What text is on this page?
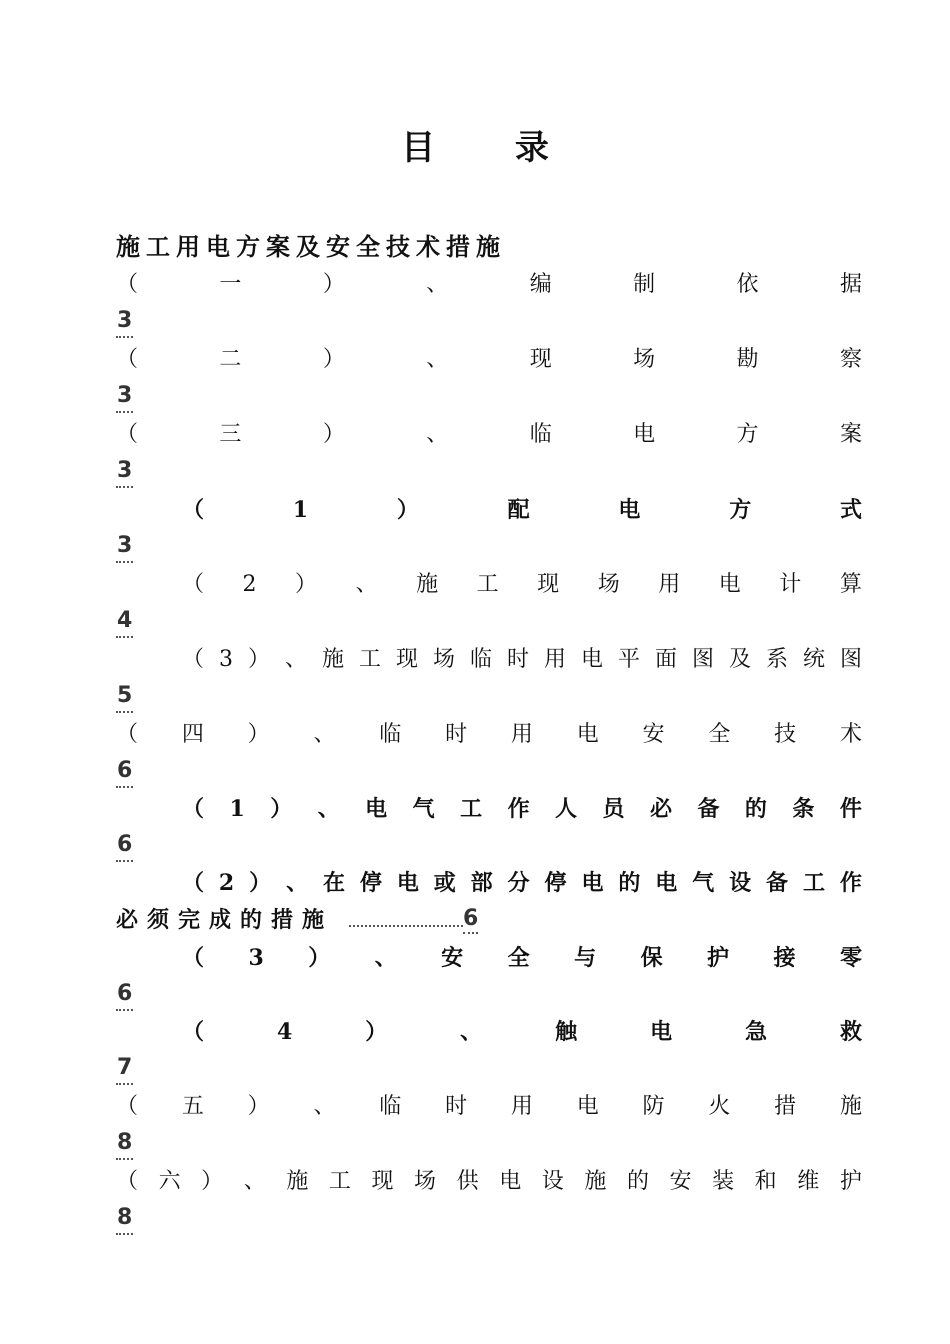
目 录
施工用电方案及安全技术措施
（	一	）	、	编	制	依	据
3
（	二	）	、	现	场	勘	察
3
（	三	）	、	临	电	方	案
3
（	1	）	配	电	方	式
3
（ 2 ） 、 施 工 现 场 用 电 计 算
4
（ 3 ） 、 施 工 现 场 临 时 用 电 平 面 图 及 系 统 图
5
（ 四 ） 、 临 时 用 电 安 全 技 术
6
（ 1 ） 、 电 气 工 作 人 员 必 备 的 条 件
6
（ 2 ） 、 在 停 电 或 部 分 停 电 的 电 气 设 备 工 作
必须完成的措施	6
（ 3 ） 、 安 全 与 保 护 接 零
6
（	4	）	、	触	电	急	救
7
（ 五 ） 、 临 时 用 电 防 火 措 施
8
（ 六 ） 、 施 工 现 场 供 电 设 施 的 安 装 和 维 护
8
